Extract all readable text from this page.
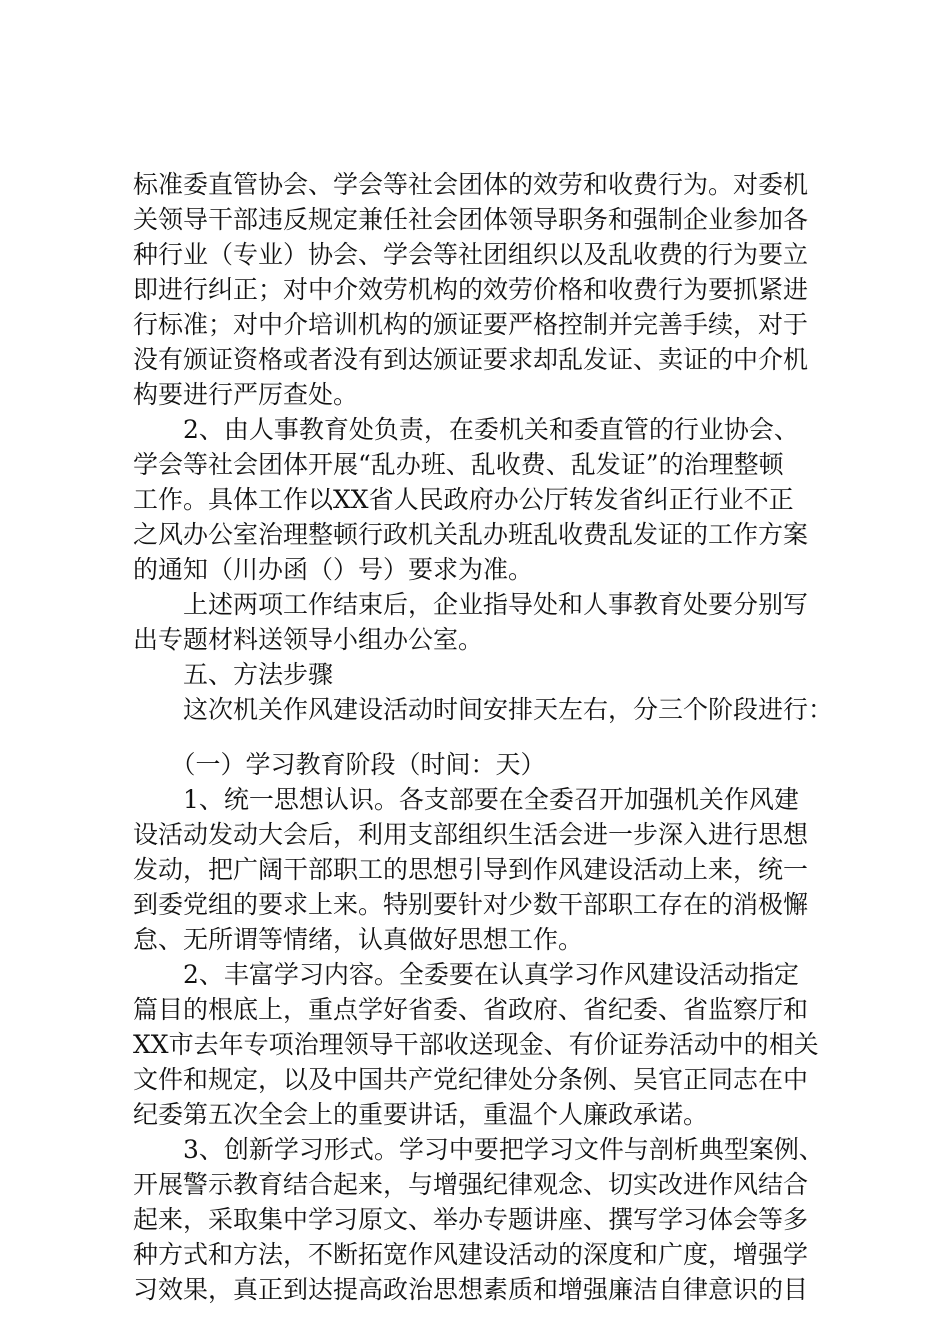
标准委直管协会、学会等社会团体的效劳和收费行为。对委机
关领导干部违反规定兼任社会团体领导职务和强制企业参加各
种行业（专业）协会、学会等社团组织以及乱收费的行为要立
即进行纠正；对中介效劳机构的效劳价格和收费行为要抓紧进
行标准；对中介培训机构的颁证要严格控制并完善手续，对于
没有颁证资格或者没有到达颁证要求却乱发证、卖证的中介机
构要进行严厉查处。
　　2、由人事教育处负责，在委机关和委直管的行业协会、
学会等社会团体开展“乱办班、乱收费、乱发证”的治理整顿
工作。具体工作以XX省人民政府办公厅转发省纠正行业不正
之风办公室治理整顿行政机关乱办班乱收费乱发证的工作方案
的通知（川办函（）号）要求为准。
　　上述两项工作结束后，企业指导处和人事教育处要分别写
出专题材料送领导小组办公室。
　　五、方法步骤
　　这次机关作风建设活动时间安排天左右，分三个阶段进行：
　　（一）学习教育阶段（时间：天）
　　1、统一思想认识。各支部要在全委召开加强机关作风建
设活动发动大会后，利用支部组织生活会进一步深入进行思想
发动，把广阔干部职工的思想引导到作风建设活动上来，统一
到委党组的要求上来。特别要针对少数干部职工存在的消极懈
怠、无所谓等情绪，认真做好思想工作。
　　2、丰富学习内容。全委要在认真学习作风建设活动指定
篇目的根底上，重点学好省委、省政府、省纪委、省监察厅和
XX市去年专项治理领导干部收送现金、有价证券活动中的相关
文件和规定，以及中国共产党纪律处分条例、吴官正同志在中
纪委第五次全会上的重要讲话，重温个人廉政承诺。
　　3、创新学习形式。学习中要把学习文件与剖析典型案例、
开展警示教育结合起来，与增强纪律观念、切实改进作风结合
起来，采取集中学习原文、举办专题讲座、撰写学习体会等多
种方式和方法，不断拓宽作风建设活动的深度和广度，增强学
习效果，真正到达提高政治思想素质和增强廉洁自律意识的目
